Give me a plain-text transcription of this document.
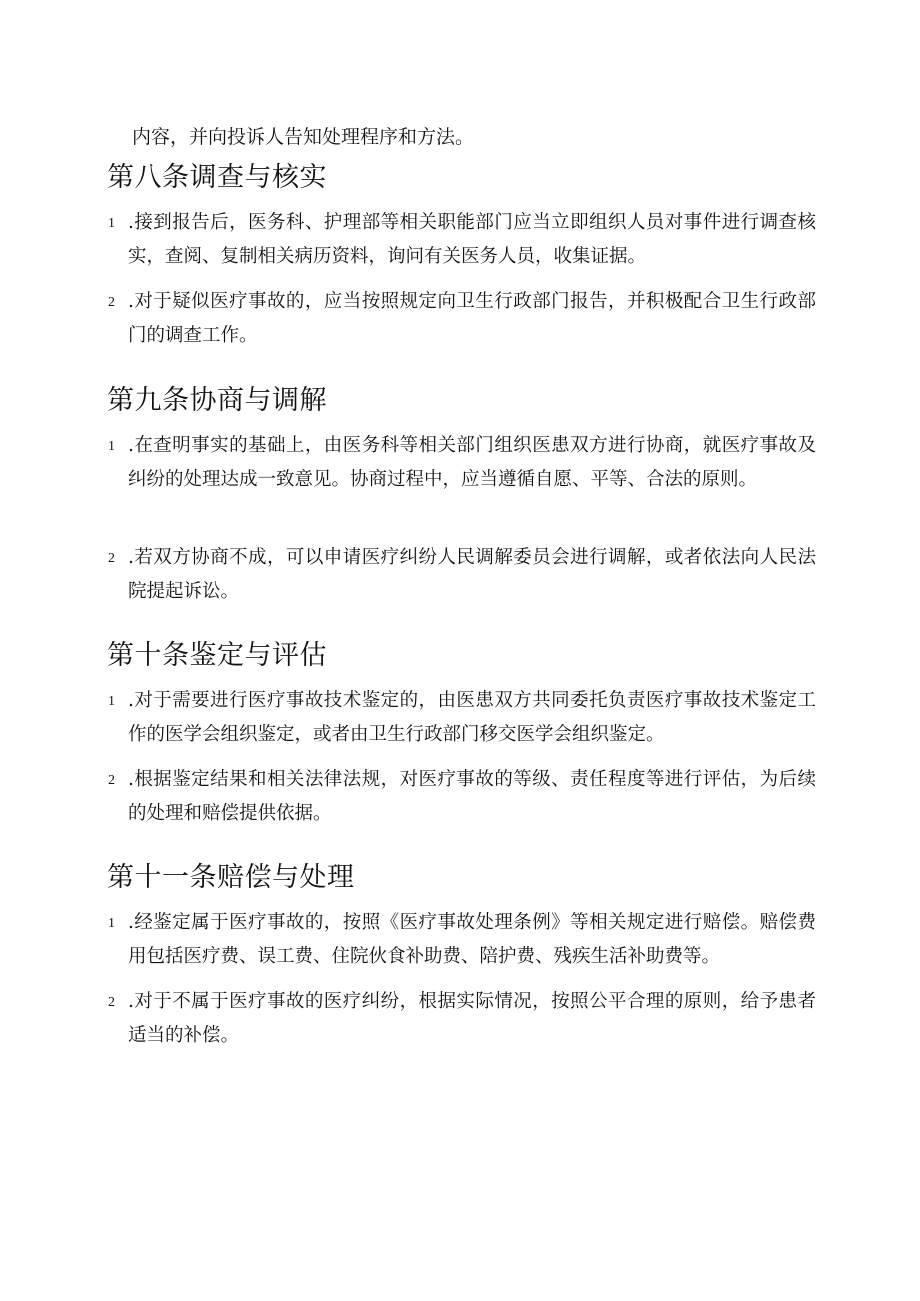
内容，并向投诉人告知处理程序和方法。
第八条调查与核实
1 .接到报告后，医务科、护理部等相关职能部门应当立即组织人员对事件进行调查核实，查阅、复制相关病历资料，询问有关医务人员，收集证据。
2 .对于疑似医疗事故的，应当按照规定向卫生行政部门报告，并积极配合卫生行政部门的调查工作。
第九条协商与调解
1 .在查明事实的基础上，由医务科等相关部门组织医患双方进行协商，就医疗事故及纠纷的处理达成一致意见。协商过程中，应当遵循自愿、平等、合法的原则。
2 .若双方协商不成，可以申请医疗纠纷人民调解委员会进行调解，或者依法向人民法院提起诉讼。
第十条鉴定与评估
1 .对于需要进行医疗事故技术鉴定的，由医患双方共同委托负责医疗事故技术鉴定工作的医学会组织鉴定，或者由卫生行政部门移交医学会组织鉴定。
2 .根据鉴定结果和相关法律法规，对医疗事故的等级、责任程度等进行评估，为后续的处理和赔偿提供依据。
第十一条赔偿与处理
1 .经鉴定属于医疗事故的，按照《医疗事故处理条例》等相关规定进行赔偿。赔偿费用包括医疗费、误工费、住院伙食补助费、陪护费、残疾生活补助费等。
2 .对于不属于医疗事故的医疗纠纷，根据实际情况，按照公平合理的原则，给予患者适当的补偿。
